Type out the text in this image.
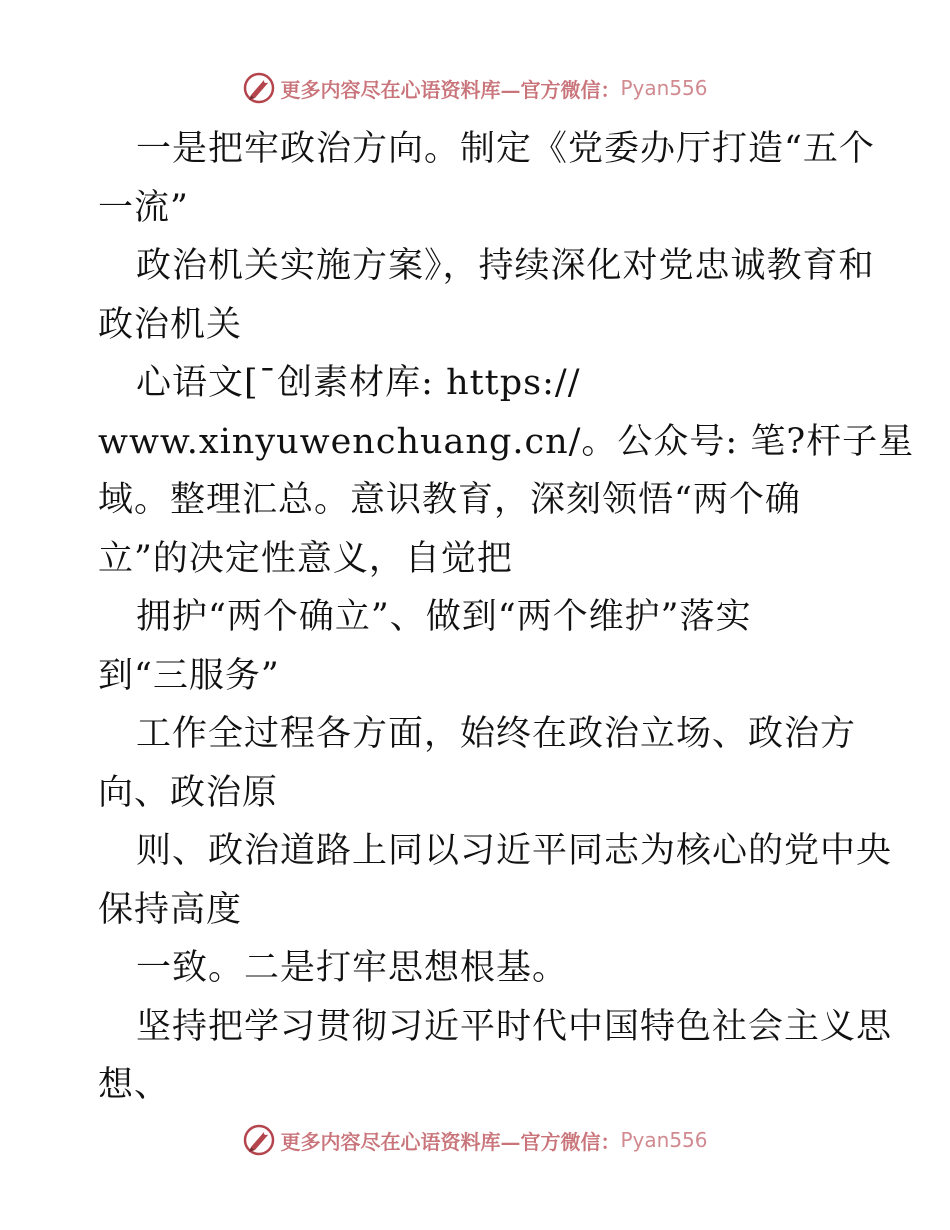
更多内容尽在心语资料库—官方微信： Pyan556
一是把牢政治方向。制定《党委办厅打造“五个
一流”
政治机关实施方案》，持续深化对党忠诚教育和
政治机关
心语文[¯创素材库: https://
www.xinyuwenchuang.cn/。公众号: 笔?杆子星
域。整理汇总。意识教育，深刻领悟“两个确
立”的决定性意义，自觉把
拥护“两个确立”、做到“两个维护”落实
到“三服务”
工作全过程各方面，始终在政治立场、政治方
向、政治原
则、政治道路上同以习近平同志为核心的党中央
保持高度
一致。二是打牢思想根基。
坚持把学习贯彻习近平时代中国特色社会主义思
想、
更多内容尽在心语资料库—官方微信： Pyan556
